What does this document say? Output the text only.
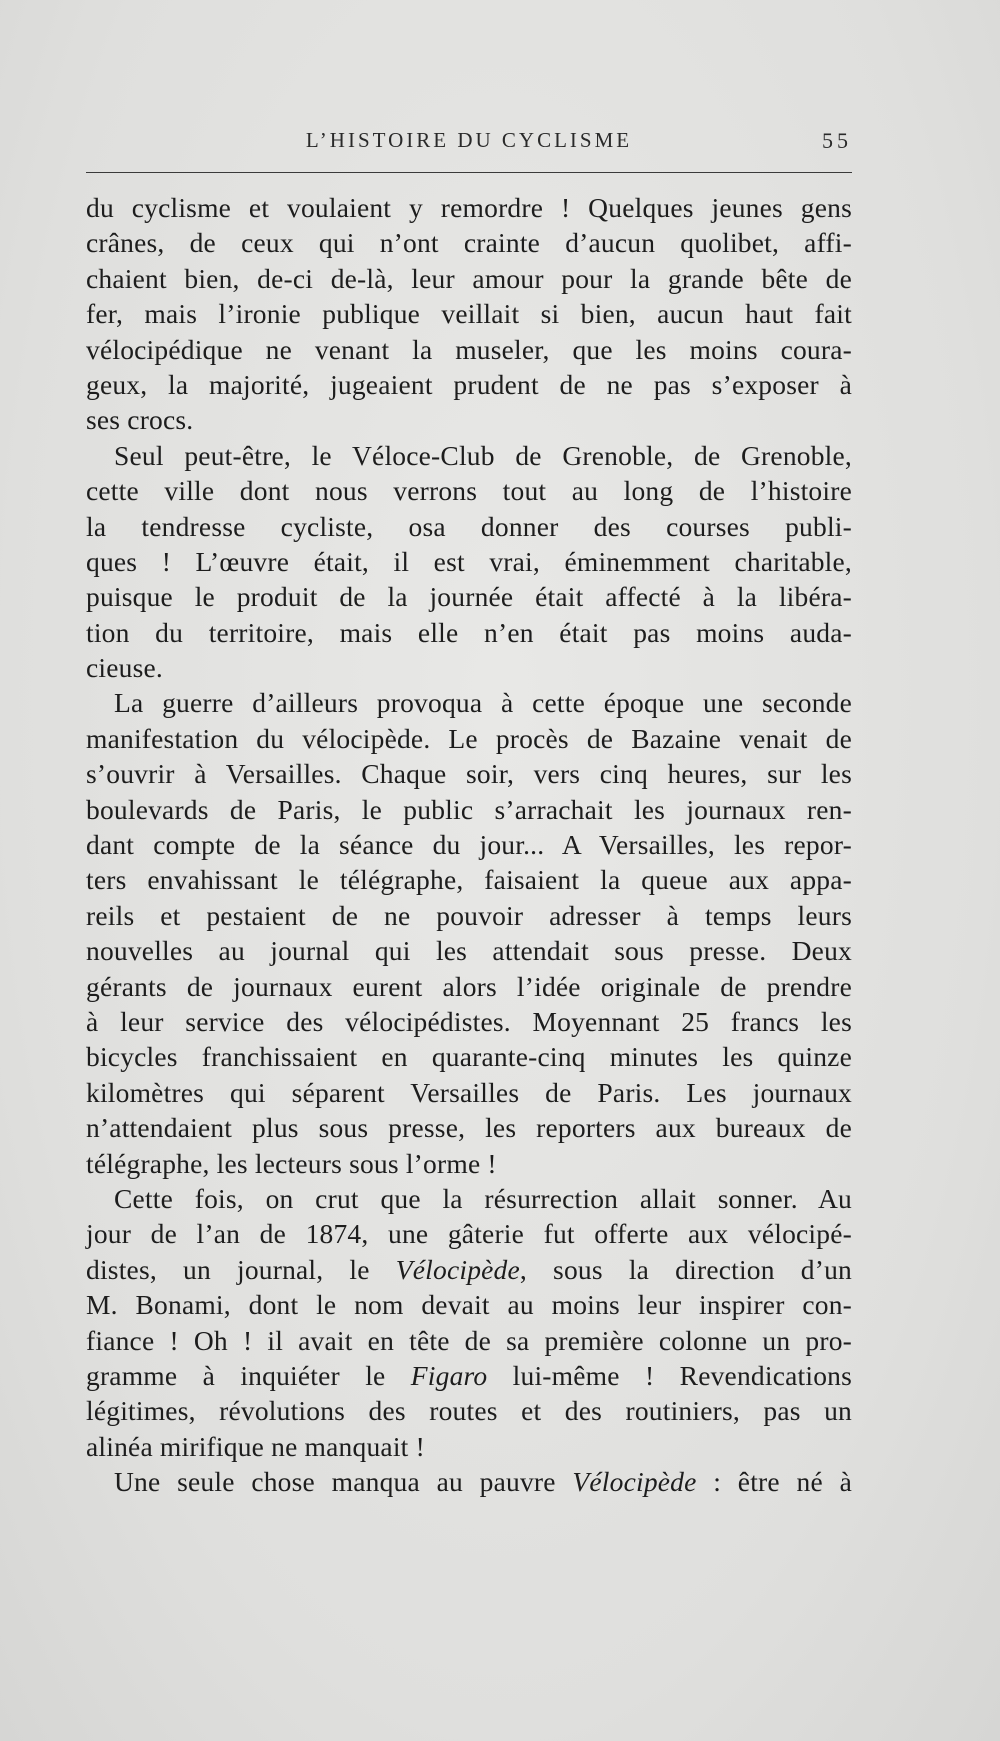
L’HISTOIRE DU CYCLISME	55
du cyclisme et voulaient y remordre ! Quelques jeunes gens
crânes, de ceux qui n’ont crainte d’aucun quolibet, affi-
chaient bien, de-ci de-là, leur amour pour la grande bête de
fer, mais l’ironie publique veillait si bien, aucun haut fait
vélocipédique ne venant la museler, que les moins coura-
geux, la majorité, jugeaient prudent de ne pas s’exposer à
ses crocs.
Seul peut-être, le Véloce-Club de Grenoble, de Grenoble,
cette ville dont nous verrons tout au long de l’histoire
la tendresse cycliste, osa donner des courses publi-
ques ! L’œuvre était, il est vrai, éminemment charitable,
puisque le produit de la journée était affecté à la libéra-
tion du territoire, mais elle n’en était pas moins auda-
cieuse.
La guerre d’ailleurs provoqua à cette époque une seconde
manifestation du vélocipède. Le procès de Bazaine venait de
s’ouvrir à Versailles. Chaque soir, vers cinq heures, sur les
boulevards de Paris, le public s’arrachait les journaux ren-
dant compte de la séance du jour... A Versailles, les repor-
ters envahissant le télégraphe, faisaient la queue aux appa-
reils et pestaient de ne pouvoir adresser à temps leurs
nouvelles au journal qui les attendait sous presse. Deux
gérants de journaux eurent alors l’idée originale de prendre
à leur service des vélocipédistes. Moyennant 25 francs les
bicycles franchissaient en quarante-cinq minutes les quinze
kilomètres qui séparent Versailles de Paris. Les journaux
n’attendaient plus sous presse, les reporters aux bureaux de
télégraphe, les lecteurs sous l’orme !
Cette fois, on crut que la résurrection allait sonner. Au
jour de l’an de 1874, une gâterie fut offerte aux vélocipé-
distes, un journal, le Vélocipède, sous la direction d’un
M. Bonami, dont le nom devait au moins leur inspirer con-
fiance ! Oh ! il avait en tête de sa première colonne un pro-
gramme à inquiéter le Figaro lui-même ! Revendications
légitimes, révolutions des routes et des routiniers, pas un
alinéa mirifique ne manquait !
Une seule chose manqua au pauvre Vélocipède : être né à
